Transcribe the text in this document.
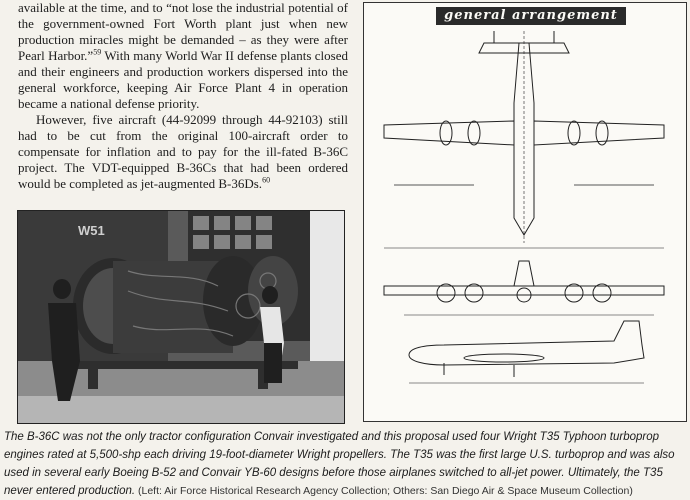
available at the time, and to “not lose the industrial potential of the government-owned Fort Worth plant just when new production miracles might be demanded – as they were after Pearl Harbor.”$^{59}$ With many World War II defense plants closed and their engineers and production workers dispersed into the general workforce, keeping Air Force Plant 4 in operation became a national defense priority.

However, five aircraft (44-92099 through 44-92103) still had to be cut from the original 100-aircraft order to compensate for inflation and to pay for the ill-fated B-36C project. The VDT-equipped B-36Cs that had been ordered would be completed as jet-augmented B-36Ds.$^{60}$

W51
general arrangement
The B-36C was not the only tractor configuration Convair investigated and this proposal used four Wright T35 Typhoon turboprop engines rated at 5,500-shp each driving 19-foot-diameter Wright propellers. The T35 was the first large U.S. turboprop and was also used in several early Boeing B-52 and Convair YB-60 designs before those airplanes switched to all-jet power. Ultimately, the T35 never entered production. (Left: Air Force Historical Research Agency Collection; Others: San Diego Air & Space Museum Collection)
